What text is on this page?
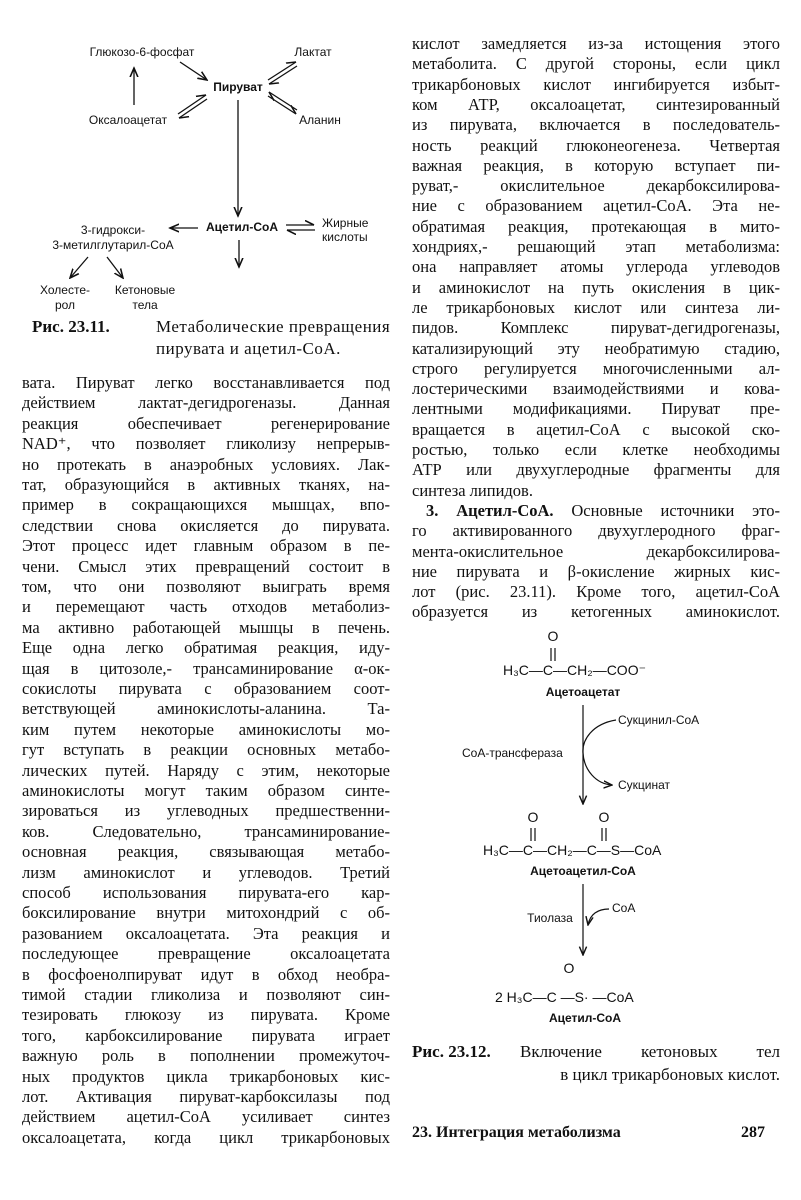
Глюкозо-6-фосфат	Лактат
Пируват
Оксалоацетат	Аланин
Ацетил-СоА	Жирные
кислоты
3-гидрокси-
3-метилглутарил-СоА
Холесте-
рол
Кетоновые
тела
Рис. 23.11.	Метаболические превращения
пирувата и ацетил-СоА.
вата. Пируват легко восстанавливается под
действием лактат-дегидрогеназы. Данная
реакция обеспечивает регенерирование
NAD⁺, что позволяет гликолизу непрерыв-
но протекать в анаэробных условиях. Лак-
тат, образующийся в активных тканях, на-
пример в сокращающихся мышцах, впо-
следствии снова окисляется до пирувата.
Этот процесс идет главным образом в пе-
чени. Смысл этих превращений состоит в
том, что они позволяют выиграть время
и перемещают часть отходов метаболиз-
ма активно работающей мышцы в печень.
Еще одна легко обратимая реакция, иду-
щая в цитозоле,- трансаминирование α-ок-
сокислоты пирувата с образованием соот-
ветствующей аминокислоты-аланина. Та-
ким путем некоторые аминокислоты мо-
гут вступать в реакции основных метабо-
лических путей. Наряду с этим, некоторые
аминокислоты могут таким образом синте-
зироваться из углеводных предшественни-
ков. Следовательно, трансаминирование-
основная реакция, связывающая метабо-
лизм аминокислот и углеводов. Третий
способ использования пирувата-его кар-
боксилирование внутри митохондрий с об-
разованием оксалоацетата. Эта реакция и
последующее превращение оксалоацетата
в фосфоенолпируват идут в обход необра-
тимой стадии гликолиза и позволяют син-
тезировать глюкозу из пирувата. Кроме
того, карбоксилирование пирувата играет
важную роль в пополнении промежуточ-
ных продуктов цикла трикарбоновых кис-
лот. Активация пируват-карбоксилазы под
действием ацетил-СоА усиливает синтез
оксалоацетата, когда цикл трикарбоновых
кислот замедляется из-за истощения этого
метаболита. С другой стороны, если цикл
трикарбоновых кислот ингибируется избыт-
ком АТР, оксалоацетат, синтезированный
из пирувата, включается в последователь-
ность реакций глюконеогенеза. Четвертая
важная реакция, в которую вступает пи-
руват,- окислительное декарбоксилирова-
ние с образованием ацетил-СоА. Эта не-
обратимая реакция, протекающая в мито-
хондриях,- решающий этап метаболизма:
она направляет атомы углерода углеводов
и аминокислот на путь окисления в цик-
ле трикарбоновых кислот или синтеза ли-
пидов. Комплекс пируват-дегидрогеназы,
катализирующий эту необратимую стадию,
строго регулируется многочисленными ал-
лостерическими взаимодействиями и кова-
лентными модификациями. Пируват пре-
вращается в ацетил-СоА с высокой ско-
ростью, только если клетке необходимы
АТР или двухуглеродные фрагменты для
синтеза липидов.
3. Ацетил-СоА. Основные источники это-
го активированного двухуглеродного фраг-
мента-окислительное декарбоксилирова-
ние пирувата и β-окисление жирных кис-
лот (рис. 23.11). Кроме того, ацетил-СоА
образуется из кетогенных аминокислот.
O
H₃C—C—CH₂—COO⁻
Ацетоацетат
Сукцинил-СоА
СоА-трансфераза
Сукцинат
O	O
H₃C—C—CH₂—C—S—CoA
Ацетоацетил-СоА
Тиолаза
CoA
O
2 H₃C—C —S· —CoA
Ацетил-СоА
Рис. 23.12. Включение кетоновых тел
в цикл трикарбоновых кислот.
23. Интеграция метаболизма	287
